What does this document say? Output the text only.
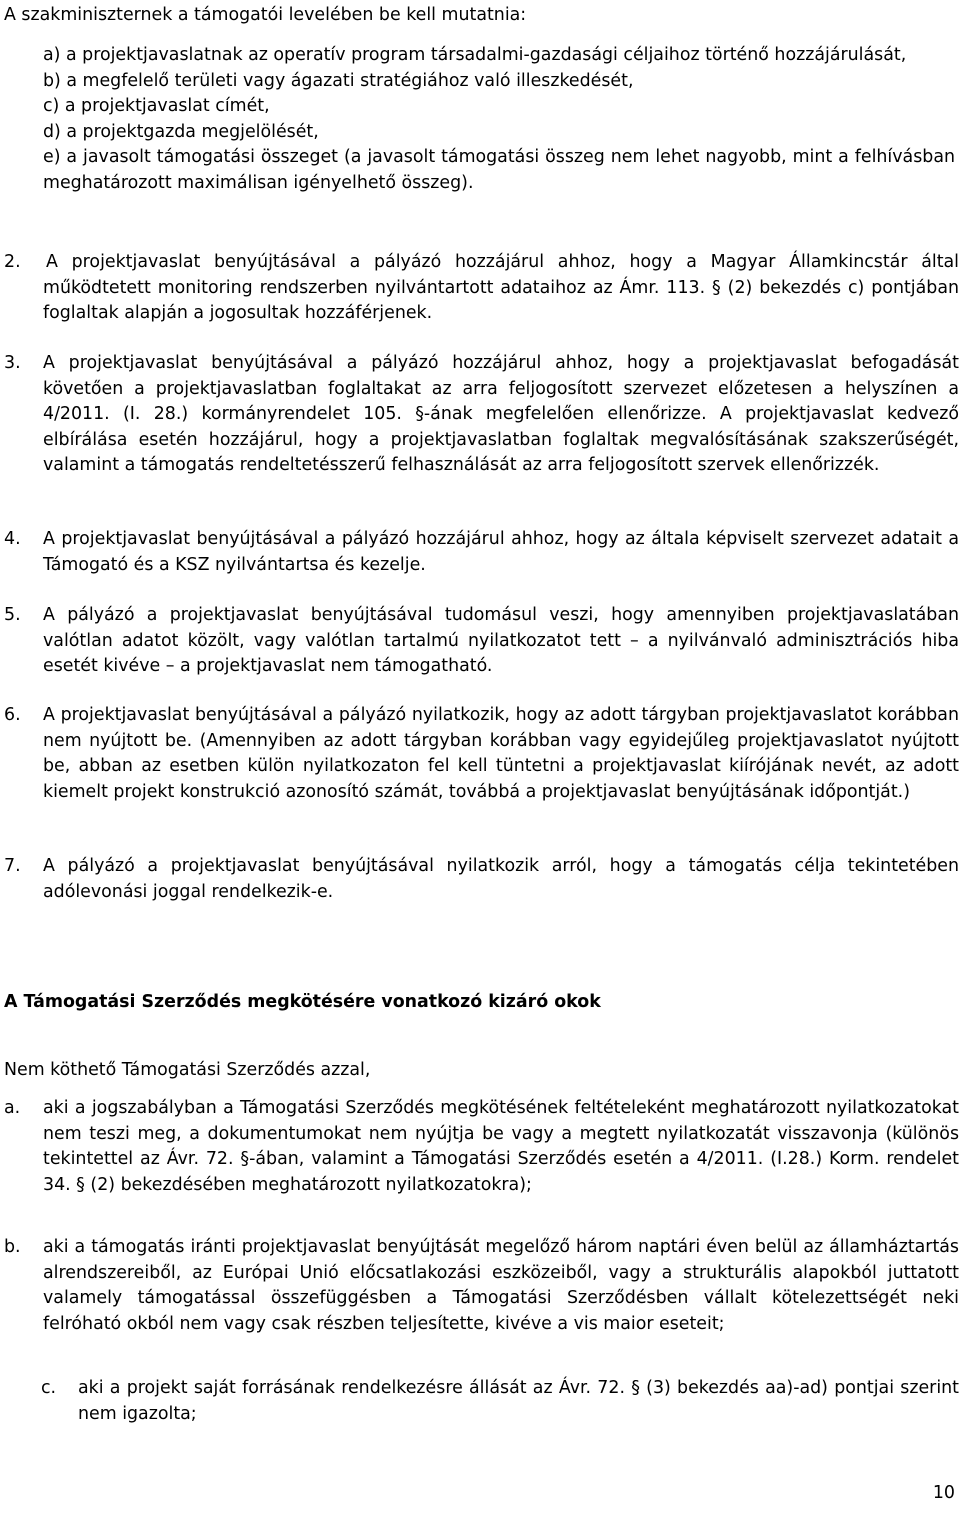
A szakminiszternek a támogatói levelében be kell mutatnia:
a) a projektjavaslatnak az operatív program társadalmi-gazdasági céljaihoz történő hozzájárulását,
b) a megfelelő területi vagy ágazati stratégiához való illeszkedését,
c) a projektjavaslat címét,
d) a projektgazda megjelölését,
e) a javasolt támogatási összeget (a javasolt támogatási összeg nem lehet nagyobb, mint a felhívásban meghatározott maximálisan igényelhető összeg).
2. A projektjavaslat benyújtásával a pályázó hozzájárul ahhoz, hogy a Magyar Államkincstár által működtetett monitoring rendszerben nyilvántartott adataihoz az Ámr. 113. § (2) bekezdés c) pontjában foglaltak alapján a jogosultak hozzáférjenek.
3. A projektjavaslat benyújtásával a pályázó hozzájárul ahhoz, hogy a projektjavaslat befogadását követően a projektjavaslatban foglaltakat az arra feljogosított szervezet előzetesen a helyszínen a 4/2011. (I. 28.) kormányrendelet 105. §-ának megfelelően ellenőrizze. A projektjavaslat kedvező elbírálása esetén hozzájárul, hogy a projektjavaslatban foglaltak megvalósításának szakszerűségét, valamint a támogatás rendeltetésszerű felhasználását az arra feljogosított szervek ellenőrizzék.
4. A projektjavaslat benyújtásával a pályázó hozzájárul ahhoz, hogy az általa képviselt szervezet adatait a Támogató és a KSZ nyilvántartsa és kezelje.
5. A pályázó a projektjavaslat benyújtásával tudomásul veszi, hogy amennyiben projektjavaslatában valótlan adatot közölt, vagy valótlan tartalmú nyilatkozatot tett – a nyilvánvaló adminisztrációs hiba esetét kivéve – a projektjavaslat nem támogatható.
6. A projektjavaslat benyújtásával a pályázó nyilatkozik, hogy az adott tárgyban projektjavaslatot korábban nem nyújtott be. (Amennyiben az adott tárgyban korábban vagy egyidejűleg projektjavaslatot nyújtott be, abban az esetben külön nyilatkozaton fel kell tüntetni a projektjavaslat kiírójának nevét, az adott kiemelt projekt konstrukció azonosító számát, továbbá a projektjavaslat benyújtásának időpontját.)
7. A pályázó a projektjavaslat benyújtásával nyilatkozik arról, hogy a támogatás célja tekintetében adólevonási joggal rendelkezik-e.
A Támogatási Szerződés megkötésére vonatkozó kizáró okok
Nem köthető Támogatási Szerződés azzal,
a. aki a jogszabályban a Támogatási Szerződés megkötésének feltételeként meghatározott nyilatkozatokat nem teszi meg, a dokumentumokat nem nyújtja be vagy a megtett nyilatkozatát visszavonja (különös tekintettel az Ávr. 72. §-ában, valamint a Támogatási Szerződés esetén a 4/2011. (I.28.) Korm. rendelet 34. § (2) bekezdésében meghatározott nyilatkozatokra);
b. aki a támogatás iránti projektjavaslat benyújtását megelőző három naptári éven belül az államháztartás alrendszereiből, az Európai Unió előcsatlakozási eszközeiből, vagy a strukturális alapokból juttatott valamely támogatással összefüggésben a Támogatási Szerződésben vállalt kötelezettségét neki felróható okból nem vagy csak részben teljesítette, kivéve a vis maior eseteit;
c. aki a projekt saját forrásának rendelkezésre állását az Ávr. 72. § (3) bekezdés aa)-ad) pontjai szerint nem igazolta;
10
